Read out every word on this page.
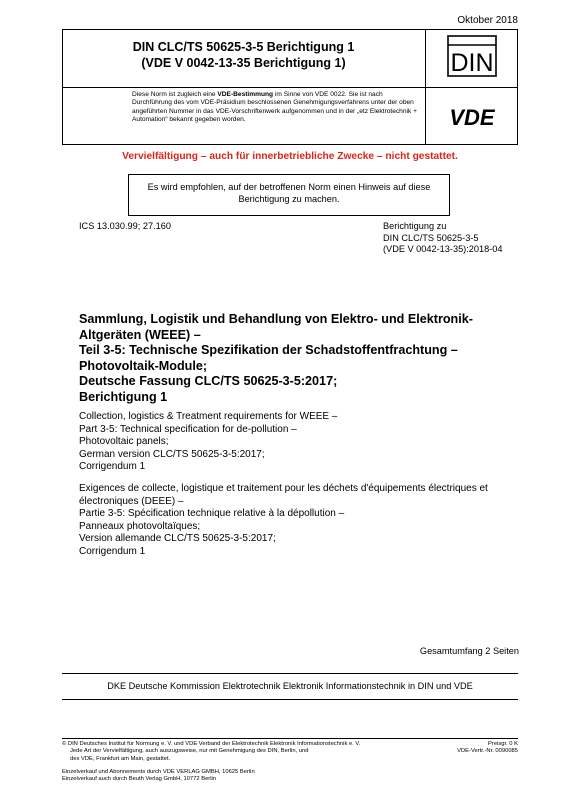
Oktober 2018
DIN CLC/TS 50625-3-5 Berichtigung 1
(VDE V 0042-13-35 Berichtigung 1)	DIN
Diese Norm ist zugleich eine VDE-Bestimmung im Sinne von VDE 0022. Sie ist nach Durchführung des vom VDE-Präsidium beschlossenen Genehmigungsverfahrens unter der oben angeführten Nummer in das VDE-Vorschriftenwerk aufgenommen und in der „etz Elektrotechnik + Automation“ bekannt gegeben worden.	VDE
Vervielfältigung – auch für innerbetriebliche Zwecke – nicht gestattet.
Es wird empfohlen, auf der betroffenen Norm einen Hinweis auf diese
Berichtigung zu machen.
ICS 13.030.99; 27.160	Berichtigung zu
DIN CLC/TS 50625-3-5
(VDE V 0042-13-35):2018-04
Sammlung, Logistik und Behandlung von Elektro- und Elektronik-
Altgeräten (WEEE) –
Teil 3-5: Technische Spezifikation der Schadstoffentfrachtung –
Photovoltaik-Module;
Deutsche Fassung CLC/TS 50625-3-5:2017;
Berichtigung 1
Collection, logistics & Treatment requirements for WEEE –
Part 3-5: Technical specification for de-pollution –
Photovoltaic panels;
German version CLC/TS 50625-3-5:2017;
Corrigendum 1
Exigences de collecte, logistique et traitement pour les déchets d'équipements électriques et
électroniques (DEEE) –
Partie 3-5: Spécification technique relative à la dépollution –
Panneaux photovoltaïques;
Version allemande CLC/TS 50625-3-5:2017;
Corrigendum 1
Gesamtumfang 2 Seiten
DKE Deutsche Kommission Elektrotechnik Elektronik Informationstechnik in DIN und VDE
© DIN Deutsches Institut für Normung e. V. und VDE Verband der Elektrotechnik Elektronik Informationstechnik e. V.
Jede Art der Vervielfältigung, auch auszugsweise, nur mit Genehmigung des DIN, Berlin, und
des VDE, Frankfurt am Main, gestattet.
Einzelverkauf und Abonnements durch VDE VERLAG GMBH, 10625 Berlin
Einzelverkauf auch durch Beuth Verlag GmbH, 10772 Berlin
Preisgr. 0 K
VDE-Vertr.-Nr. 0090085
